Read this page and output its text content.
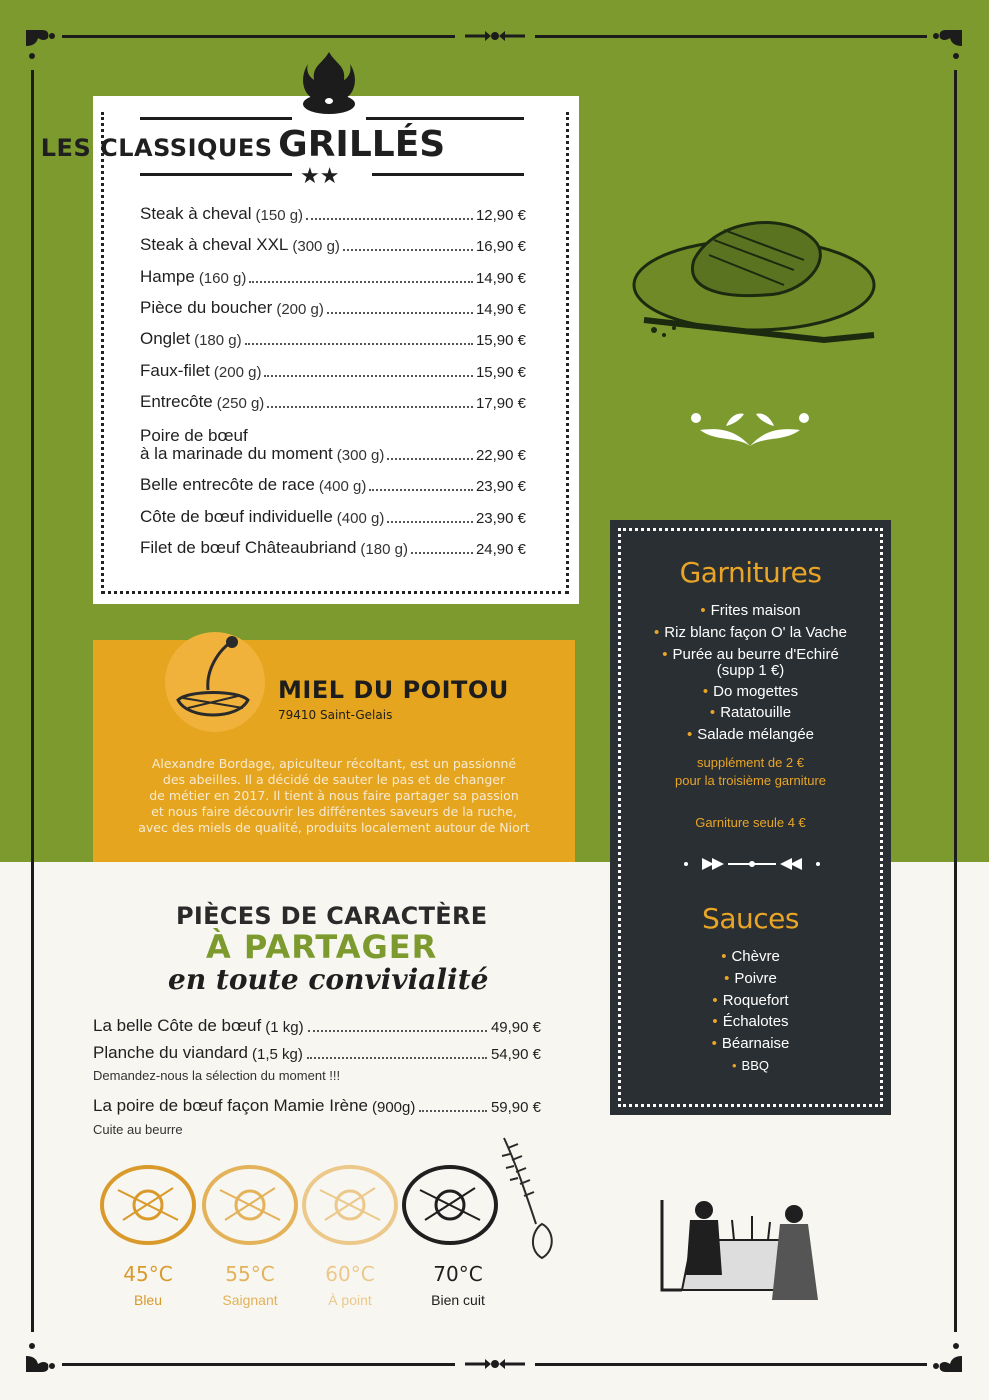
LES CLASSIQUES GRILLÉS
★★
Steak à cheval (150 g)	12,90 €
Steak à cheval XXL (300 g)	16,90 €
Hampe (160 g)	14,90 €
Pièce du boucher (200 g)	14,90 €
Onglet (180 g)	15,90 €
Faux-filet (200 g)	15,90 €
Entrecôte (250 g)	17,90 €
Poire de bœuf
à la marinade du moment (300 g)	22,90 €
Belle entrecôte de race (400 g)	23,90 €
Côte de bœuf individuelle (400 g)	23,90 €
Filet de bœuf Châteaubriand (180 g)	24,90 €
MIEL DU POITOU
79410 Saint-Gelais
Alexandre Bordage, apiculteur récoltant, est un passionné
des abeilles. Il a décidé de sauter le pas et de changer
de métier en 2017. Il tient à nous faire partager sa passion
et nous faire découvrir les différentes saveurs de la ruche,
avec des miels de qualité, produits localement autour de Niort
Garnitures
• Frites maison
• Riz blanc façon O' la Vache
• Purée au beurre d'Echiré
(supp 1 €)
• Do mogettes
• Ratatouille
• Salade mélangée
supplément de 2 €
pour la troisième garniture
Garniture seule 4 €
Sauces
• Chèvre
• Poivre
• Roquefort
• Échalotes
• Béarnaise
• BBQ
PIÈCES DE CARACTÈRE
À PARTAGER
en toute convivialité
La belle Côte de bœuf (1 kg)	49,90 €
Planche du viandard (1,5 kg)	54,90 €
Demandez-nous la sélection du moment !!!
La poire de bœuf façon Mamie Irène (900g)	59,90 €
Cuite au beurre
45°C
Bleu
55°C
Saignant
60°C
À point
70°C
Bien cuit
